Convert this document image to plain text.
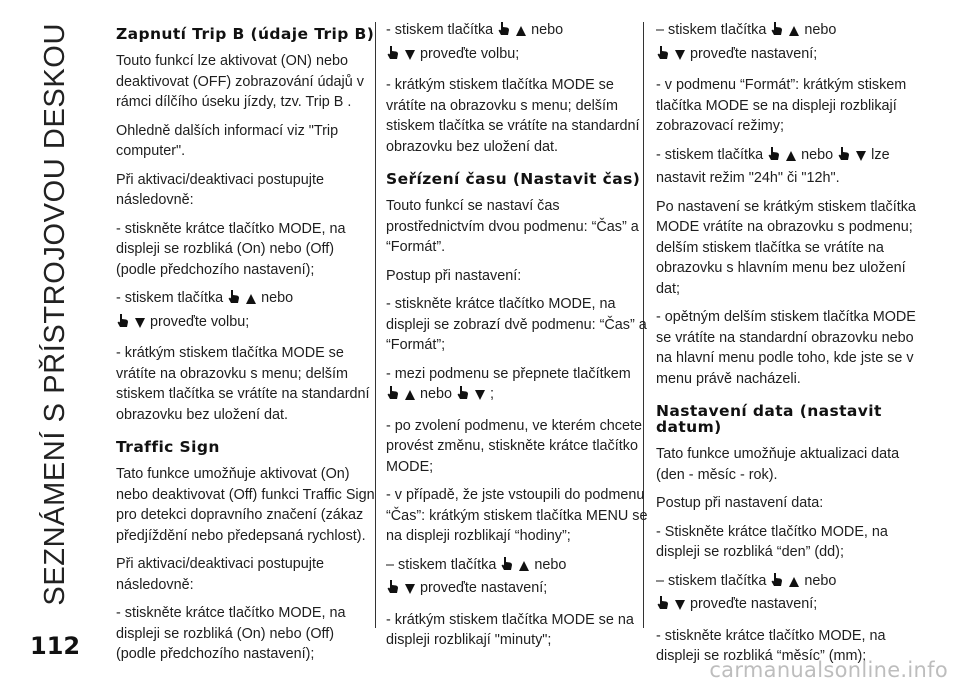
SEZNÁMENÍ S PŘÍSTROJOVOU DESKOU
112
Zapnutí Trip B (údaje Trip B)

Touto funkcí lze aktivovat (ON) nebo deaktivovat (OFF) zobrazování údajů v rámci dílčího úseku jízdy, tzv. Trip B .

Ohledně dalších informací viz "Trip computer".

Při aktivaci/deaktivaci postupujte následovně:

- stiskněte krátce tlačítko MODE, na displeji se rozbliká (On) nebo (Off) (podle předchozího nastavení);

- stiskem tlačítka	nebo
proveďte volbu;

- krátkým stiskem tlačítka MODE se vrátíte na obrazovku s menu; delším stiskem tlačítka se vrátíte na standardní obrazovku bez uložení dat.

Traffic Sign

Tato funkce umožňuje aktivovat (On) nebo deaktivovat (Off) funkci Traffic Sign pro detekci dopravního značení (zákaz předjíždění nebo předepsaná rychlost).

Při aktivaci/deaktivaci postupujte následovně:

- stiskněte krátce tlačítko MODE, na displeji se rozbliká (On) nebo (Off) (podle předchozího nastavení);

- stiskem tlačítka	nebo
proveďte volbu;

- krátkým stiskem tlačítka MODE se vrátíte na obrazovku s menu; delším stiskem tlačítka se vrátíte na standardní obrazovku bez uložení dat.

Seřízení času (Nastavit čas)

Touto funkcí se nastaví čas prostřednictvím dvou podmenu: “Čas” a “Formát”.

Postup při nastavení:

- stiskněte krátce tlačítko MODE, na displeji se zobrazí dvě podmenu: “Čas” a “Formát”;

- mezi podmenu se přepnete tlačítkem
nebo	;

- po zvolení podmenu, ve kterém chcete provést změnu, stiskněte krátce tlačítko MODE;

- v případě, že jste vstoupili do podmenu “Čas”: krátkým stiskem tlačítka MENU se na displeji rozblikají “hodiny”;

– stiskem tlačítka	nebo
proveďte nastavení;

- krátkým stiskem tlačítka MODE se na displeji rozblikají "minuty";

– stiskem tlačítka	nebo
proveďte nastavení;

- v podmenu “Formát”: krátkým stiskem tlačítka MODE se na displeji rozblikají zobrazovací režimy;

- stiskem tlačítka	nebo	lze nastavit režim "24h" či "12h".

Po nastavení se krátkým stiskem tlačítka MODE vrátíte na obrazovku s podmenu; delším stiskem tlačítka se vrátíte na obrazovku s hlavním menu bez uložení dat;

- opětným delším stiskem tlačítka MODE se vrátíte na standardní obrazovku nebo na hlavní menu podle toho, kde jste se v menu právě nacházeli.

Nastavení data (nastavit datum)

Tato funkce umožňuje aktualizaci data (den - měsíc - rok).

Postup při nastavení data:

- Stiskněte krátce tlačítko MODE, na displeji se rozbliká “den” (dd);

– stiskem tlačítka	nebo
proveďte nastavení;

- stiskněte krátce tlačítko MODE, na displeji se rozbliká “měsíc” (mm);

carmanualsonline.info
